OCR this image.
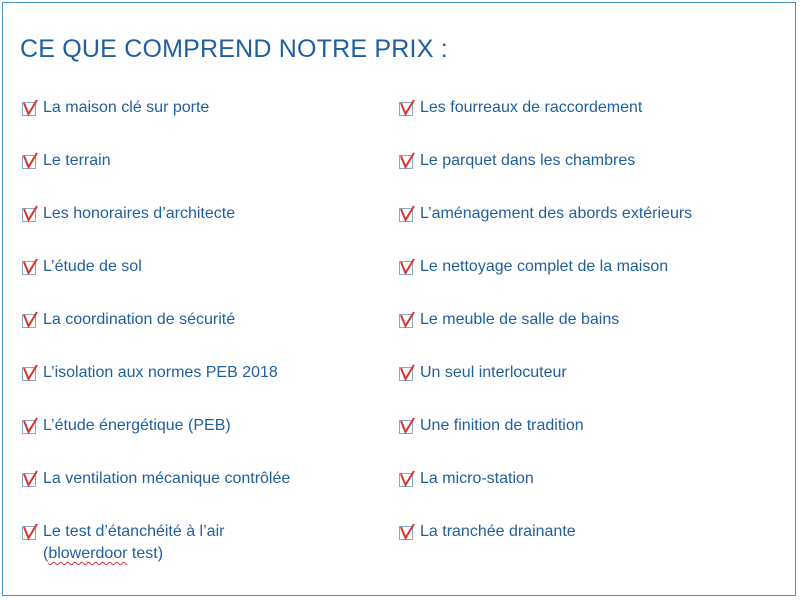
CE QUE COMPREND NOTRE PRIX :
La maison clé sur porte
Le terrain
Les honoraires d’architecte
L’étude de sol
La coordination de sécurité
L’isolation aux normes PEB 2018
L’étude énergétique (PEB)
La ventilation mécanique contrôlée
Le test d’étanchéité à l’air
(blowerdoor test)
Les fourreaux de raccordement
Le parquet dans les chambres
L’aménagement des abords extérieurs
Le nettoyage complet de la maison
Le meuble de salle de bains
Un seul interlocuteur
Une finition de tradition
La micro-station
La tranchée drainante
